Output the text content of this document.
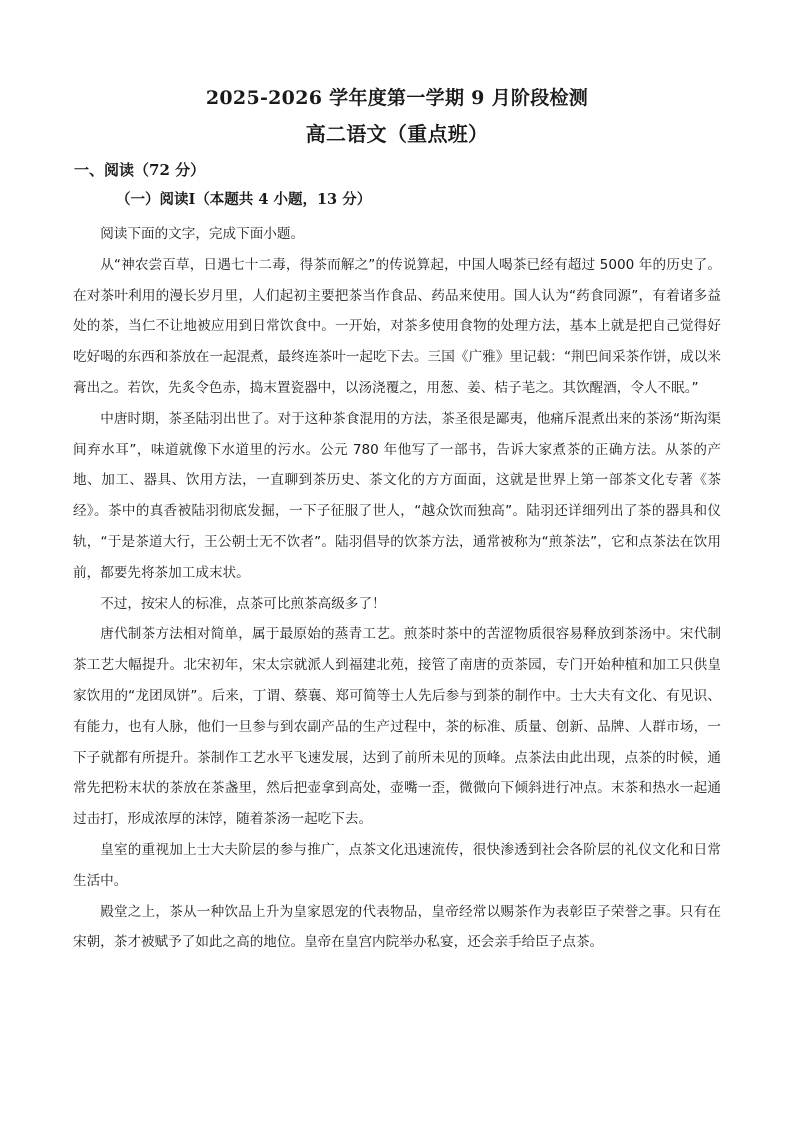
2025-2026 学年度第一学期 9 月阶段检测
高二语文（重点班）
一、阅读（72 分）
（一）阅读Ⅰ（本题共 4 小题，13 分）

阅读下面的文字，完成下面小题。

从“神农尝百草，日遇七十二毒，得茶而解之”的传说算起，中国人喝茶已经有超过 5000 年的历史了。在对茶叶利用的漫长岁月里，人们起初主要把茶当作食品、药品来使用。国人认为“药食同源”，有着诸多益处的茶，当仁不让地被应用到日常饮食中。一开始，对茶多使用食物的处理方法，基本上就是把自己觉得好吃好喝的东西和茶放在一起混煮，最终连茶叶一起吃下去。三国《广雅》里记载：“荆巴间采茶作饼，成以米膏出之。若饮，先炙令色赤，捣末置瓷器中，以汤浇覆之，用葱、姜、桔子芼之。其饮醒酒，令人不眠。”

中唐时期，茶圣陆羽出世了。对于这种茶食混用的方法，茶圣很是鄙夷，他痛斥混煮出来的茶汤“斯沟渠间弃水耳”，味道就像下水道里的污水。公元 780 年他写了一部书，告诉大家煮茶的正确方法。从茶的产地、加工、器具、饮用方法，一直聊到茶历史、茶文化的方方面面，这就是世界上第一部茶文化专著《茶经》。茶中的真香被陆羽彻底发掘，一下子征服了世人，“越众饮而独高”。陆羽还详细列出了茶的器具和仪轨，“于是茶道大行，王公朝士无不饮者”。陆羽倡导的饮茶方法，通常被称为“煎茶法”，它和点茶法在饮用前，都要先将茶加工成末状。

不过，按宋人的标准，点茶可比煎茶高级多了！

唐代制茶方法相对简单，属于最原始的蒸青工艺。煎茶时茶中的苦涩物质很容易释放到茶汤中。宋代制茶工艺大幅提升。北宋初年，宋太宗就派人到福建北苑，接管了南唐的贡茶园，专门开始种植和加工只供皇家饮用的“龙团凤饼”。后来，丁谓、蔡襄、郑可简等士人先后参与到茶的制作中。士大夫有文化、有见识、有能力，也有人脉，他们一旦参与到农副产品的生产过程中，茶的标准、质量、创新、品牌、人群市场，一下子就都有所提升。茶制作工艺水平飞速发展，达到了前所未见的顶峰。点茶法由此出现，点茶的时候，通常先把粉末状的茶放在茶盏里，然后把壶拿到高处，壶嘴一歪，微微向下倾斜进行冲点。末茶和热水一起通过击打，形成浓厚的沫饽，随着茶汤一起吃下去。

皇室的重视加上士大夫阶层的参与推广，点茶文化迅速流传，很快渗透到社会各阶层的礼仪文化和日常生活中。

殿堂之上，茶从一种饮品上升为皇家恩宠的代表物品，皇帝经常以赐茶作为表彰臣子荣誉之事。只有在宋朝，茶才被赋予了如此之高的地位。皇帝在皇宫内院举办私宴，还会亲手给臣子点茶。
